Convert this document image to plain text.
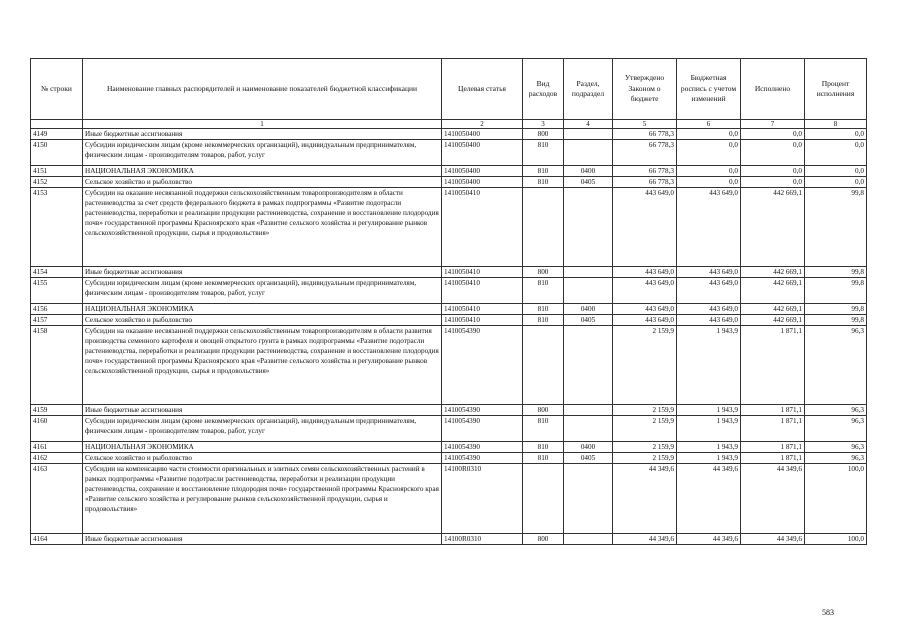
№ строки	Наименование главных распорядителей и наименование показателей бюджетной классификации	Целевая статья	Вид расходов	Раздел, подраздел	Утверждено Законом о бюджете	Бюджетная роспись с учетом изменений	Исполнено	Процент исполнения
	1	2	3	4	5	6	7	8
4149	Иные бюджетные ассигнования	1410050400	800		66 778,3	0,0	0,0	0,0
4150	Субсидии юридическим лицам (кроме некоммерческих организаций), индивидуальным предпринимателям, физическим лицам - производителям товаров, работ, услуг	1410050400	810		66 778,3	0,0	0,0	0,0
4151	НАЦИОНАЛЬНАЯ ЭКОНОМИКА	1410050400	810	0400	66 778,3	0,0	0,0	0,0
4152	Сельское хозяйство и рыболовство	1410050400	810	0405	66 778,3	0,0	0,0	0,0
4153	Субсидии на оказание несвязанной поддержки сельскохозяйственным товаропроизводителям в области растениеводства за счет средств федерального бюджета в рамках подпрограммы «Развитие подотрасли растениеводства, переработки и реализации продукции растениеводства, сохранение и восстановление плодородия почв» государственной программы Красноярского края «Развитие сельского хозяйства и регулирование рынков сельскохозяйственной продукции, сырья и продовольствия»	1410050410			443 649,0	443 649,0	442 669,1	99,8
4154	Иные бюджетные ассигнования	1410050410	800		443 649,0	443 649,0	442 669,1	99,8
4155	Субсидии юридическим лицам (кроме некоммерческих организаций), индивидуальным предпринимателям, физическим лицам - производителям товаров, работ, услуг	1410050410	810		443 649,0	443 649,0	442 669,1	99,8
4156	НАЦИОНАЛЬНАЯ ЭКОНОМИКА	1410050410	810	0400	443 649,0	443 649,0	442 669,1	99,8
4157	Сельское хозяйство и рыболовство	1410050410	810	0405	443 649,0	443 649,0	442 669,1	99,8
4158	Субсидии на оказание несвязанной поддержки сельскохозяйственным товаропроизводителям в области развития производства семенного картофеля и овощей открытого грунта в рамках подпрограммы «Развитие подотрасли растениеводства, переработки и реализации продукции растениеводства, сохранение и восстановление плодородия почв» государственной программы Красноярского края «Развитие сельского хозяйства и регулирование рынков сельскохозяйственной продукции, сырья и продовольствия»	1410054390			2 159,9	1 943,9	1 871,1	96,3
4159	Иные бюджетные ассигнования	1410054390	800		2 159,9	1 943,9	1 871,1	96,3
4160	Субсидии юридическим лицам (кроме некоммерческих организаций), индивидуальным предпринимателям, физическим лицам - производителям товаров, работ, услуг	1410054390	810		2 159,9	1 943,9	1 871,1	96,3
4161	НАЦИОНАЛЬНАЯ ЭКОНОМИКА	1410054390	810	0400	2 159,9	1 943,9	1 871,1	96,3
4162	Сельское хозяйство и рыболовство	1410054390	810	0405	2 159,9	1 943,9	1 871,1	96,3
4163	Субсидии на компенсацию части стоимости оригинальных и элитных семян сельскохозяйственных растений в рамках подпрограммы «Развитие подотрасли растениеводства, переработки и реализации продукции растениеводства, сохранение и восстановление плодородия почв» государственной программы Красноярского края «Развитие сельского хозяйства и регулирование рынков сельскохозяйственной продукции, сырья и продовольствия»	14100R0310			44 349,6	44 349,6	44 349,6	100,0
4164	Иные бюджетные ассигнования	14100R0310	800		44 349,6	44 349,6	44 349,6	100,0
583
